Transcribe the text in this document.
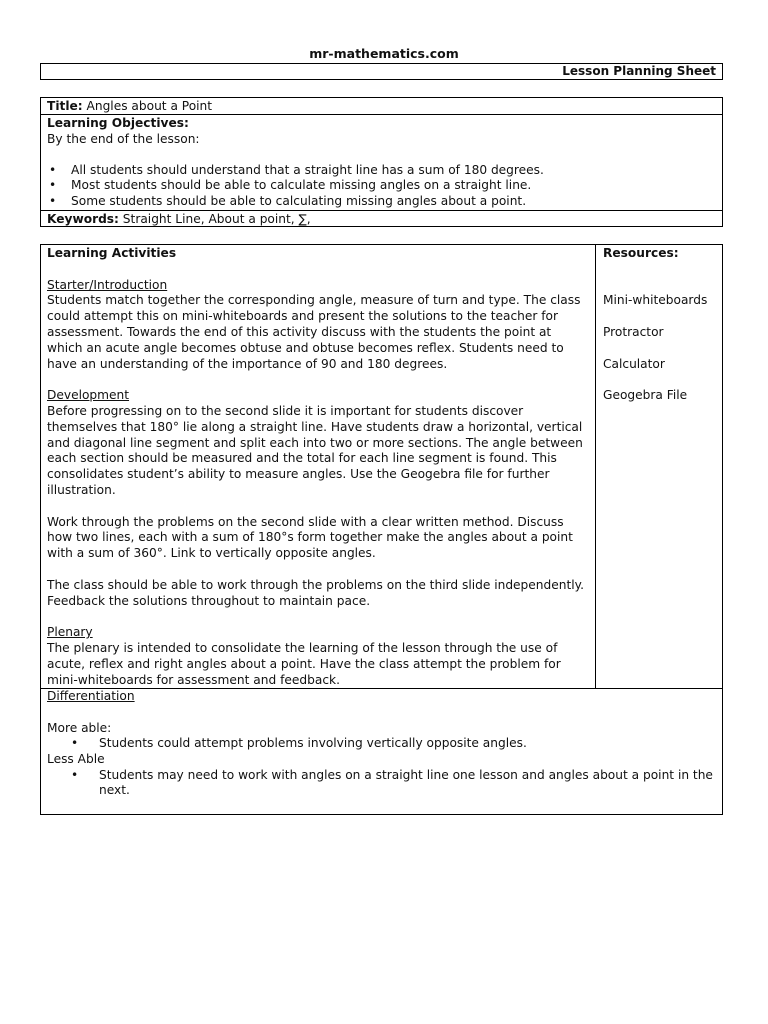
mr-mathematics.com
Lesson Planning Sheet
Title: Angles about a Point
Learning Objectives:
By the end of the lesson:
• All students should understand that a straight line has a sum of 180 degrees.
• Most students should be able to calculate missing angles on a straight line.
• Some students should be able to calculating missing angles about a point.
Keywords: Straight Line, About a point, ∑,
Learning Activities
Starter/Introduction

Students match together the corresponding angle, measure of turn and type. The class could attempt this on mini-whiteboards and present the solutions to the teacher for assessment. Towards the end of this activity discuss with the students the point at which an acute angle becomes obtuse and obtuse becomes reflex. Students need to have an understanding of the importance of 90 and 180 degrees.

Development

Before progressing on to the second slide it is important for students discover themselves that 180° lie along a straight line. Have students draw a horizontal, vertical and diagonal line segment and split each into two or more sections. The angle between each section should be measured and the total for each line segment is found. This consolidates student’s ability to measure angles. Use the Geogebra file for further illustration.

Work through the problems on the second slide with a clear written method. Discuss how two lines, each with a sum of 180°s form together make the angles about a point with a sum of 360°. Link to vertically opposite angles.

The class should be able to work through the problems on the third slide independently. Feedback the solutions throughout to maintain pace.

Plenary

The plenary is intended to consolidate the learning of the lesson through the use of acute, reflex and right angles about a point. Have the class attempt the problem for mini-whiteboards for assessment and feedback.

Resources:
Mini-whiteboards
Protractor
Calculator
Geogebra File
Differentiation
More able:
• Students could attempt problems involving vertically opposite angles.
Less Able
• Students may need to work with angles on a straight line one lesson and angles about a point in the next.
